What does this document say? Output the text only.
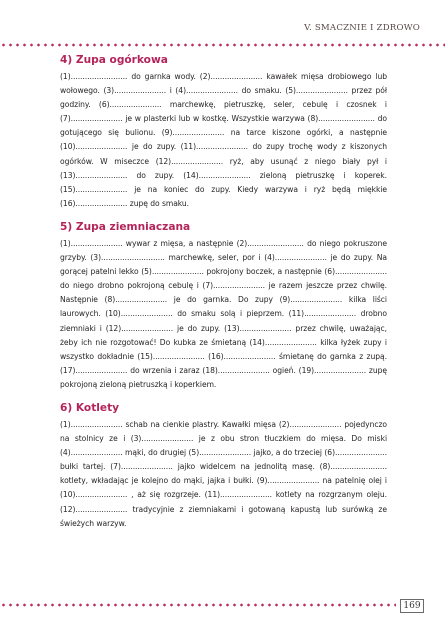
V. SMACZNIE I ZDROWO
4) Zupa ogórkowa

(1)........................ do garnka wody. (2)...................... kawałek mięsa drobiowego lub wołowego. (3)...................... i (4)...................... do smaku. (5)...................... przez pół godziny. (6)...................... marchewkę, pietruszkę, seler, cebulę i czosnek i (7)...................... je w plasterki lub w kostkę. Wszystkie warzywa (8)........................ do gotującego się bulionu. (9)...................... na tarce kiszone ogórki, a następnie (10)...................... je do zupy. (11)...................... do zupy trochę wody z kiszonych ogórków. W miseczce (12)...................... ryż, aby usunąć z niego biały pył i (13)...................... do zupy. (14)...................... zieloną pietruszkę i koperek. (15)...................... je na koniec do zupy. Kiedy warzywa i ryż będą miękkie (16)...................... zupę do smaku.

5) Zupa ziemniaczana

(1)...................... wywar z mięsa, a następnie (2)........................ do niego pokruszone grzyby. (3)........................... marchewkę, seler, por i (4)...................... je do zupy. Na gorącej patelni lekko (5)...................... pokrojony boczek, a następnie (6)...................... do niego drobno pokrojoną cebulę i (7)...................... je razem jeszcze przez chwilę. Następnie (8)...................... je do garnka. Do zupy (9)...................... kilka liści laurowych. (10)...................... do smaku solą i pieprzem. (11)...................... drobno ziemniaki i (12)...................... je do zupy. (13)...................... przez chwilę, uważając, żeby ich nie rozgotować! Do kubka ze śmietaną (14)...................... kilka łyżek zupy i wszystko dokładnie (15)...................... (16)...................... śmietanę do garnka z zupą. (17)...................... do wrzenia i zaraz (18)...................... ogień. (19)...................... zupę pokrojoną zieloną pietruszką i koperkiem.

6) Kotlety

(1)...................... schab na cienkie plastry. Kawałki mięsa (2)...................... pojedynczo na stolnicy ze i (3)...................... je z obu stron tłuczkiem do mięsa. Do miski (4)...................... mąki, do drugiej (5)...................... jajko, a do trzeciej (6)...................... bułki tartej. (7)...................... jajko widelcem na jednolitą masę. (8)........................ kotlety, wkładając je kolejno do mąki, jajka i bułki. (9)...................... na patelnię olej i (10)...................... , aż się rozgrzeje. (11)...................... kotlety na rozgrzanym oleju. (12)...................... tradycyjnie z ziemniakami i gotowaną kapustą lub surówką ze świeżych warzyw.

169
